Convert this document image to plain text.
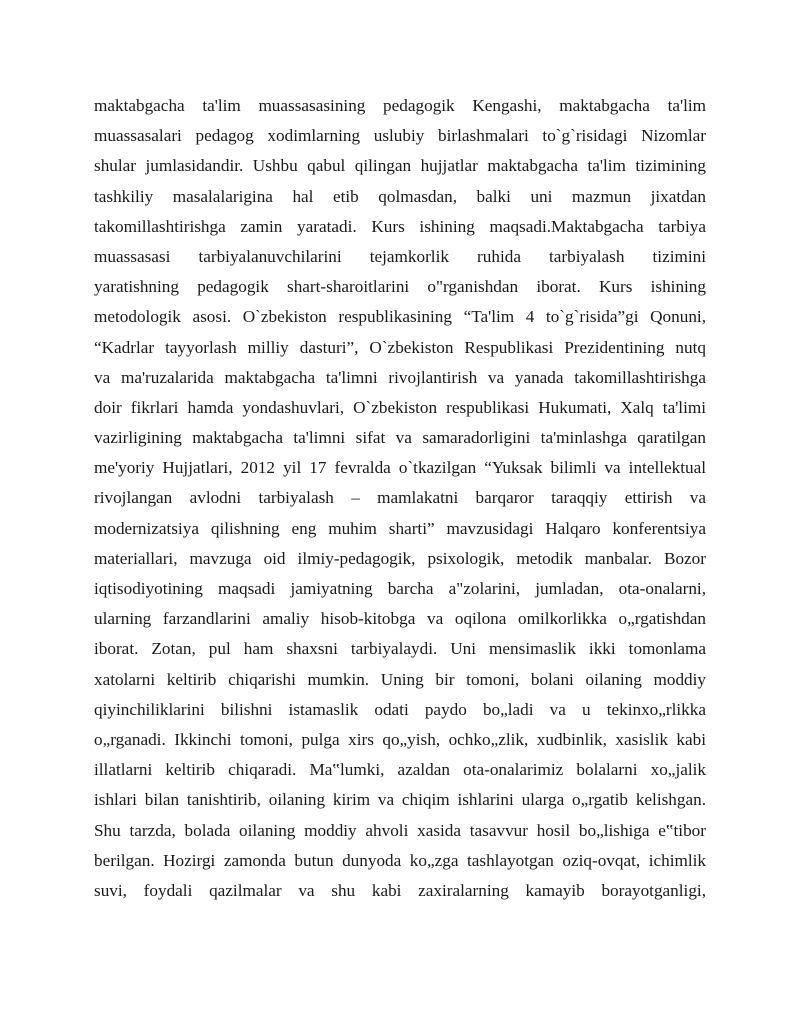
maktabgacha ta'lim muassasasining pedagogik Kengashi, maktabgacha ta'lim
muassasalari pedagog xodimlarning uslubiy birlashmalari to`g`risidagi Nizomlar
shular jumlasidandir. Ushbu qabul qilingan hujjatlar maktabgacha ta'lim tizimining
tashkiliy masalalarigina hal etib qolmasdan, balki uni mazmun jixatdan
takomillashtirishga zamin yaratadi. Kurs ishining maqsadi.Maktabgacha tarbiya
muassasasi tarbiyalanuvchilarini tejamkorlik ruhida tarbiyalash tizimini
yaratishning pedagogik shart-sharoitlarini o"rganishdan iborat. Kurs ishining
metodologik asosi. O`zbekiston respublikasining “Ta'lim 4 to`g`risida”gi Qonuni,
“Kadrlar tayyorlash milliy dasturi”, O`zbekiston Respublikasi Prezidentining nutq
va ma'ruzalarida maktabgacha ta'limni rivojlantirish va yanada takomillashtirishga
doir fikrlari hamda yondashuvlari, O`zbekiston respublikasi Hukumati, Xalq ta'limi
vazirligining maktabgacha ta'limni sifat va samaradorligini ta'minlashga qaratilgan
me'yoriy Hujjatlari, 2012 yil 17 fevralda o`tkazilgan “Yuksak bilimli va intellektual
rivojlangan avlodni tarbiyalash – mamlakatni barqaror taraqqiy ettirish va
modernizatsiya qilishning eng muhim sharti” mavzusidagi Halqaro konferentsiya
materiallari, mavzuga oid ilmiy-pedagogik, psixologik, metodik manbalar. Bozor
iqtisodiyotining maqsadi jamiyatning barcha a"zolarini, jumladan, ota-onalarni,
ularning farzandlarini amaliy hisob-kitobga va oqilona omilkorlikka o„rgatishdan
iborat. Zotan, pul ham shaxsni tarbiyalaydi. Uni mensimaslik ikki tomonlama
xatolarni keltirib chiqarishi mumkin. Uning bir tomoni, bolani oilaning moddiy
qiyinchiliklarini bilishni istamaslik odati paydo bo„ladi va u tekinxo„rlikka
o„rganadi. Ikkinchi tomoni, pulga xirs qo„yish, ochko„zlik, xudbinlik, xasislik kabi
illatlarni keltirib chiqaradi. Ma‟lumki, azaldan ota-onalarimiz bolalarni xo„jalik
ishlari bilan tanishtirib, oilaning kirim va chiqim ishlarini ularga o„rgatib kelishgan.
Shu tarzda, bolada oilaning moddiy ahvoli xasida tasavvur hosil bo„lishiga e‟tibor
berilgan. Hozirgi zamonda butun dunyoda ko„zga tashlayotgan oziq-ovqat, ichimlik
suvi, foydali qazilmalar va shu kabi zaxiralarning kamayib borayotganligi,
